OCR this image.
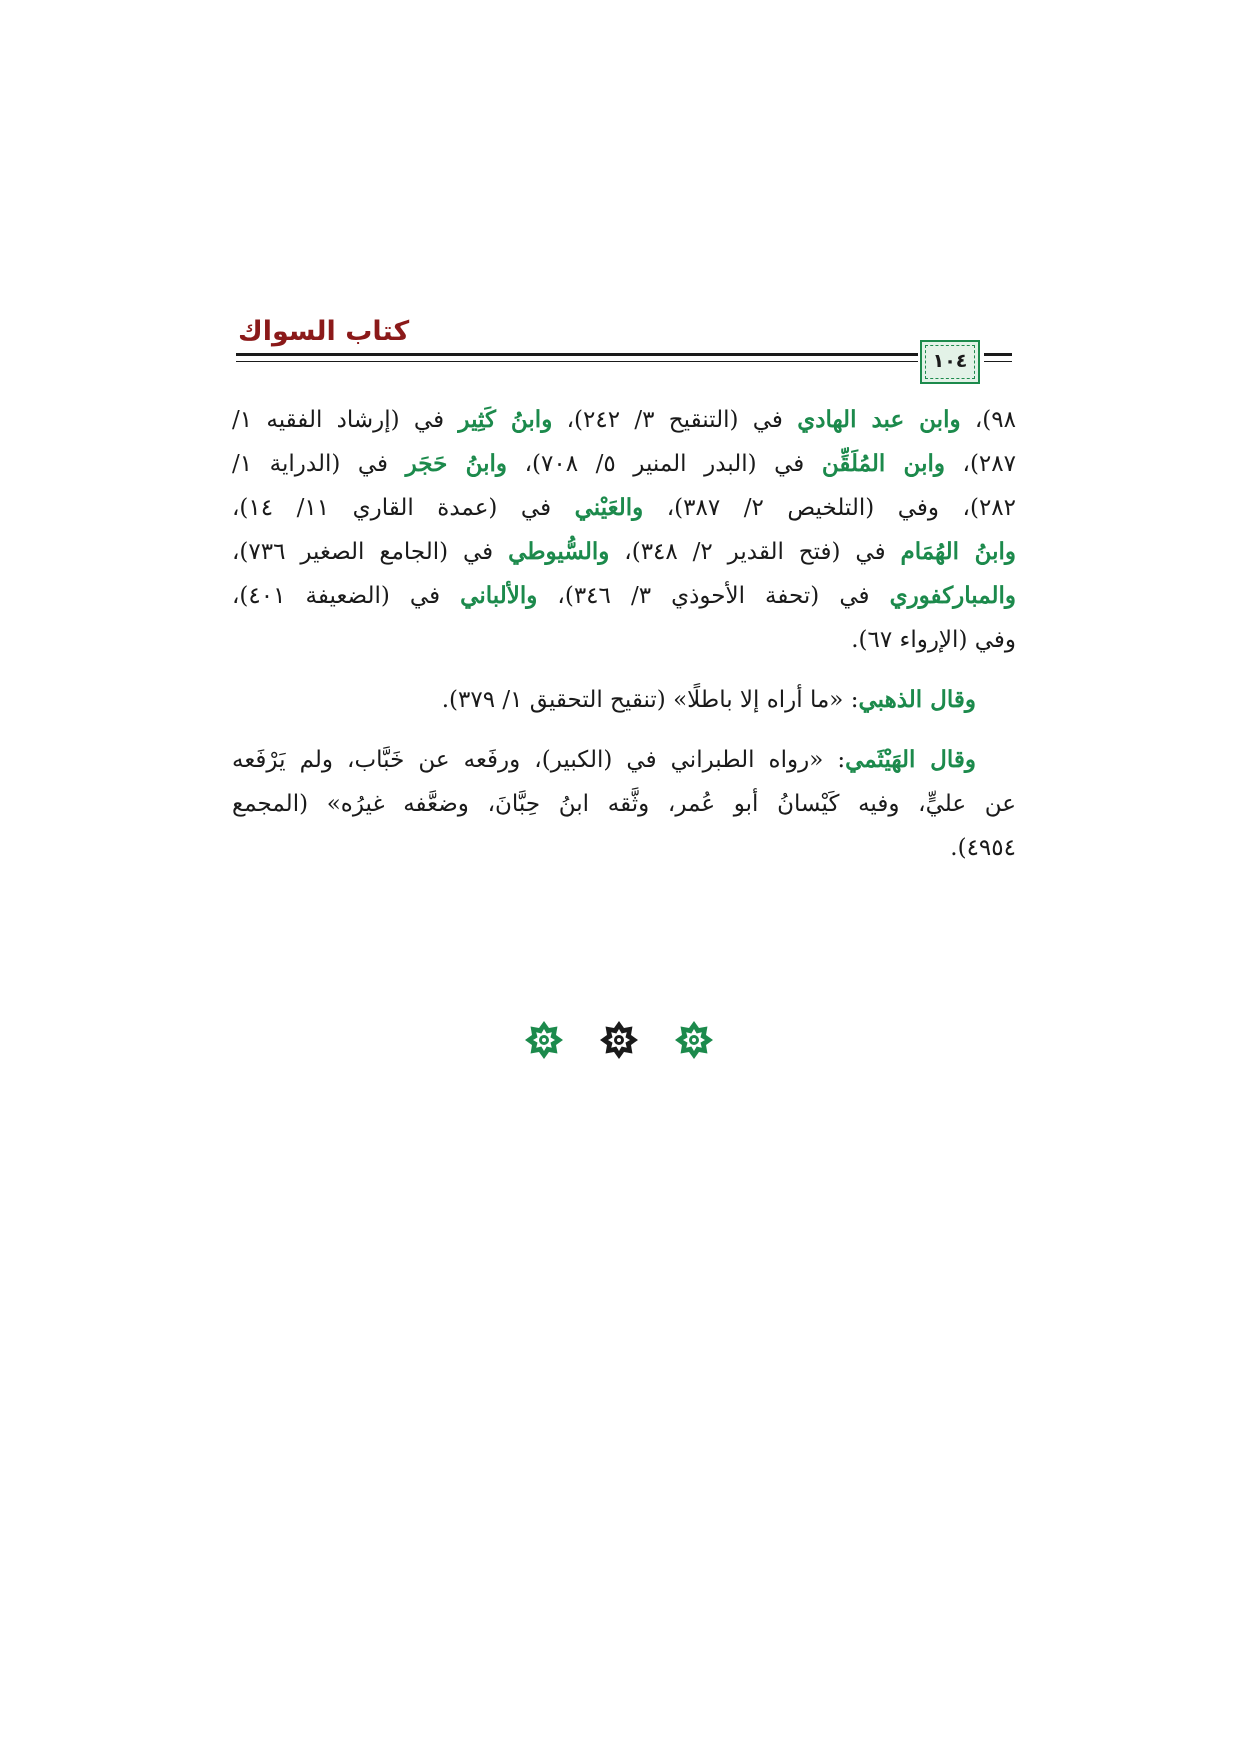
كتاب السواك
١٠٤
٩٨)، وابن عبد الهادي في (التنقيح ٣/ ٢٤٢)، وابنُ كَثِير في (إرشاد الفقيه ١/
٢٨٧)، وابن المُلَقِّن في (البدر المنير ٥/ ٧٠٨)، وابنُ حَجَر في (الدراية ١/
٢٨٢)، وفي (التلخيص ٢/ ٣٨٧)، والعَيْني في (عمدة القاري ١١/ ١٤)،
وابنُ الهُمَام في (فتح القدير ٢/ ٣٤٨)، والسُّيوطي في (الجامع الصغير ٧٣٦)،
والمباركفوري في (تحفة الأحوذي ٣/ ٣٤٦)، والألباني في (الضعيفة ٤٠١)،
وفي (الإرواء ٦٧).
وقال الذهبي: «ما أراه إلا باطلًا» (تنقيح التحقيق ١/ ٣٧٩).
وقال الهَيْثَمي: «رواه الطبراني في (الكبير)، ورفَعه عن خَبَّاب، ولم يَرْفَعه
عن عليٍّ، وفيه كَيْسانُ أبو عُمر، وثَّقه ابنُ حِبَّانَ، وضعَّفه غيرُه» (المجمع
٤٩٥٤).
